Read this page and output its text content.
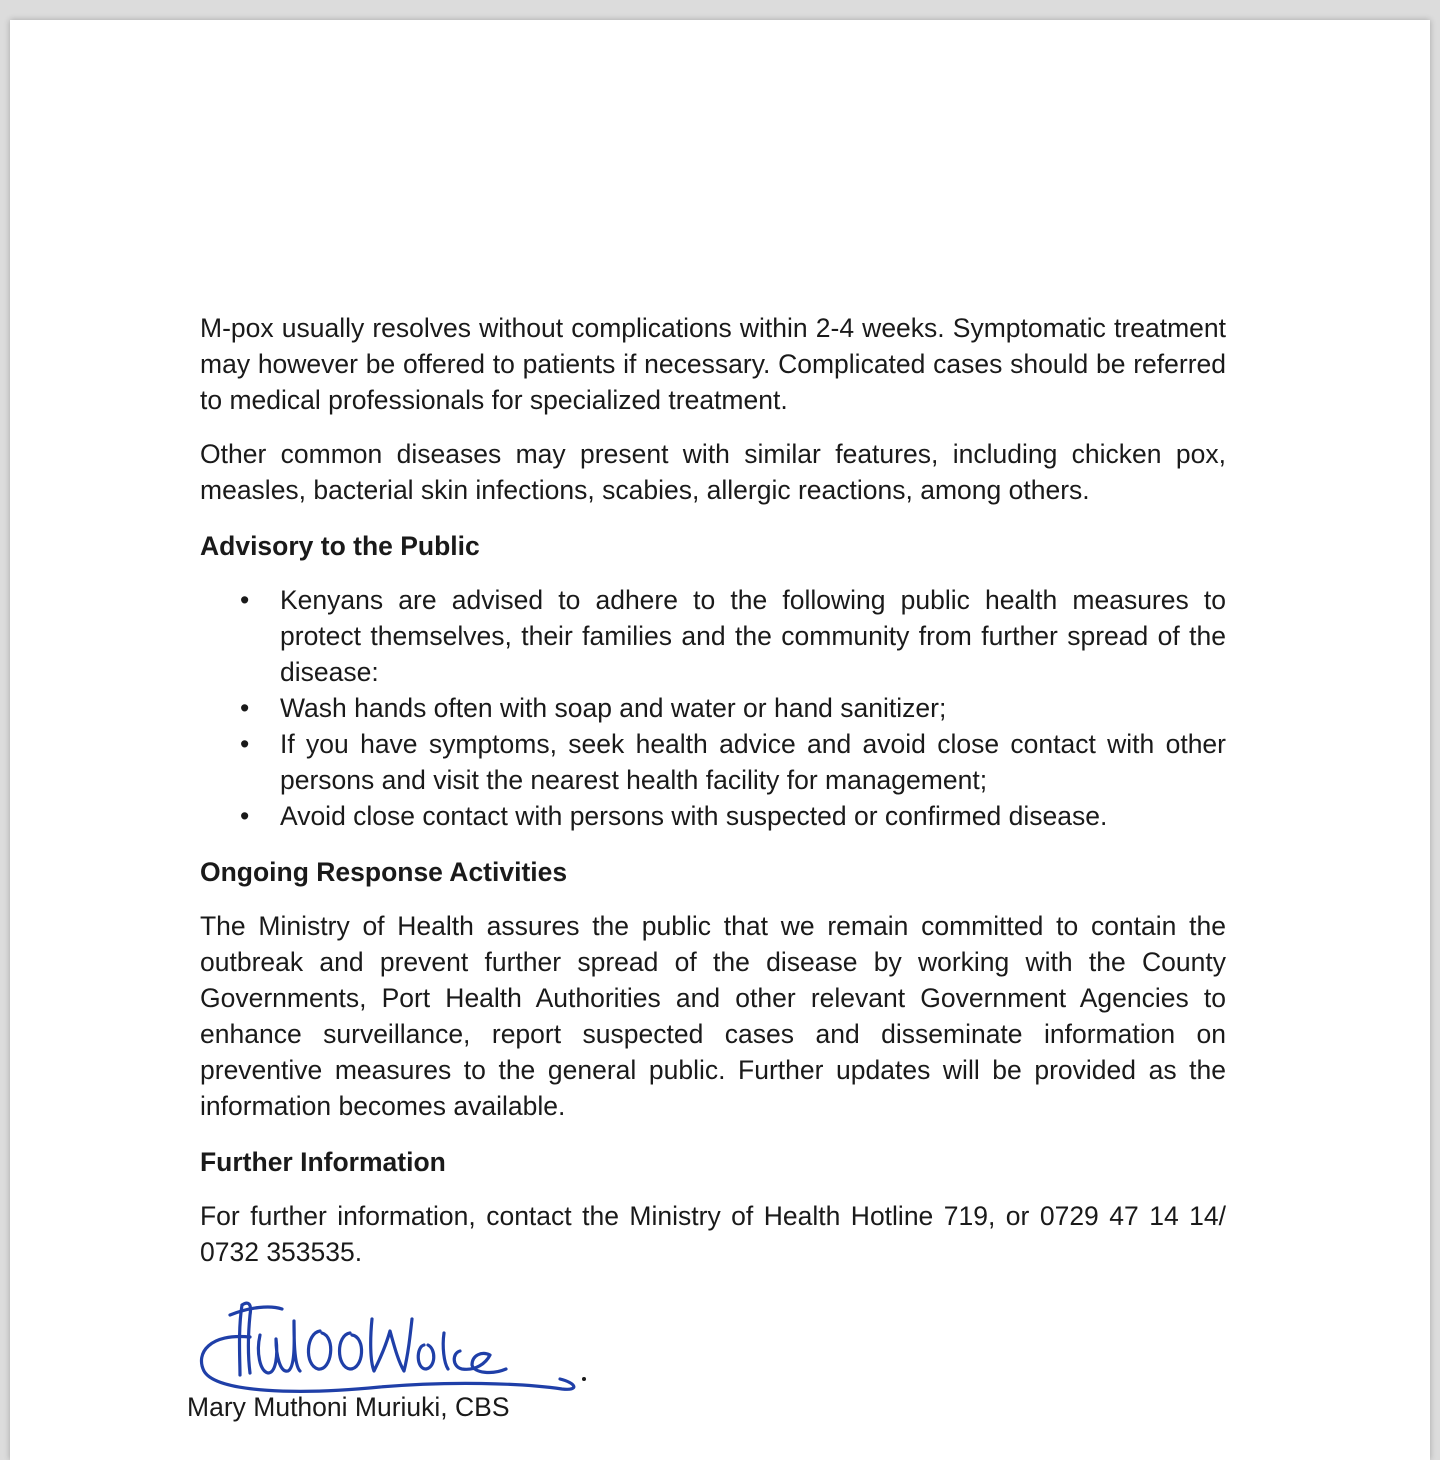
M-pox usually resolves without complications within 2-4 weeks. Symptomatic treatment may however be offered to patients if necessary. Complicated cases should be referred to medical professionals for specialized treatment.

Other common diseases may present with similar features, including chicken pox, measles, bacterial skin infections, scabies, allergic reactions, among others.

Advisory to the Public
• Kenyans are advised to adhere to the following public health measures to protect themselves, their families and the community from further spread of the disease:
• Wash hands often with soap and water or hand sanitizer;
• If you have symptoms, seek health advice and avoid close contact with other persons and visit the nearest health facility for management;
• Avoid close contact with persons with suspected or confirmed disease.
Ongoing Response Activities

The Ministry of Health assures the public that we remain committed to contain the outbreak and prevent further spread of the disease by working with the County Governments, Port Health Authorities and other relevant Government Agencies to enhance surveillance, report suspected cases and disseminate information on preventive measures to the general public. Further updates will be provided as the information becomes available.

Further Information

For further information, contact the Ministry of Health Hotline 719, or 0729 47 14 14/ 0732 353535.

Mary Muthoni Muriuki, CBS
